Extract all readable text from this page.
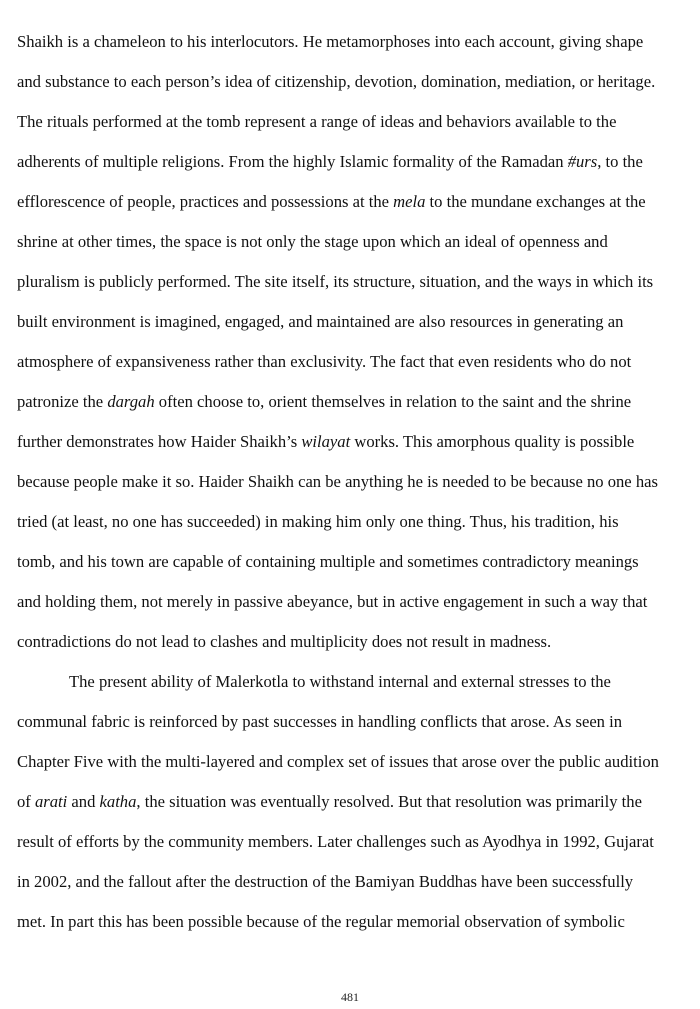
Shaikh is a chameleon to his interlocutors. He metamorphoses into each account, giving shape
and substance to each person’s idea of citizenship, devotion, domination, mediation, or heritage.
The rituals performed at the tomb represent a range of ideas and behaviors available to the
adherents of multiple religions. From the highly Islamic formality of the Ramadan #urs, to the
efflorescence of people, practices and possessions at the mela to the mundane exchanges at the
shrine at other times, the space is not only the stage upon which an ideal of openness and
pluralism is publicly performed. The site itself, its structure, situation, and the ways in which its
built environment is imagined, engaged, and maintained are also resources in generating an
atmosphere of expansiveness rather than exclusivity. The fact that even residents who do not
patronize the dargah often choose to, orient themselves in relation to the saint and the shrine
further demonstrates how Haider Shaikh’s wilayat works. This amorphous quality is possible
because people make it so. Haider Shaikh can be anything he is needed to be because no one has
tried (at least, no one has succeeded) in making him only one thing. Thus, his tradition, his
tomb, and his town are capable of containing multiple and sometimes contradictory meanings
and holding them, not merely in passive abeyance, but in active engagement in such a way that
contradictions do not lead to clashes and multiplicity does not result in madness.
The present ability of Malerkotla to withstand internal and external stresses to the
communal fabric is reinforced by past successes in handling conflicts that arose. As seen in
Chapter Five with the multi-layered and complex set of issues that arose over the public audition
of arati and katha, the situation was eventually resolved. But that resolution was primarily the
result of efforts by the community members. Later challenges such as Ayodhya in 1992, Gujarat
in 2002, and the fallout after the destruction of the Bamiyan Buddhas have been successfully
met. In part this has been possible because of the regular memorial observation of symbolic
481
